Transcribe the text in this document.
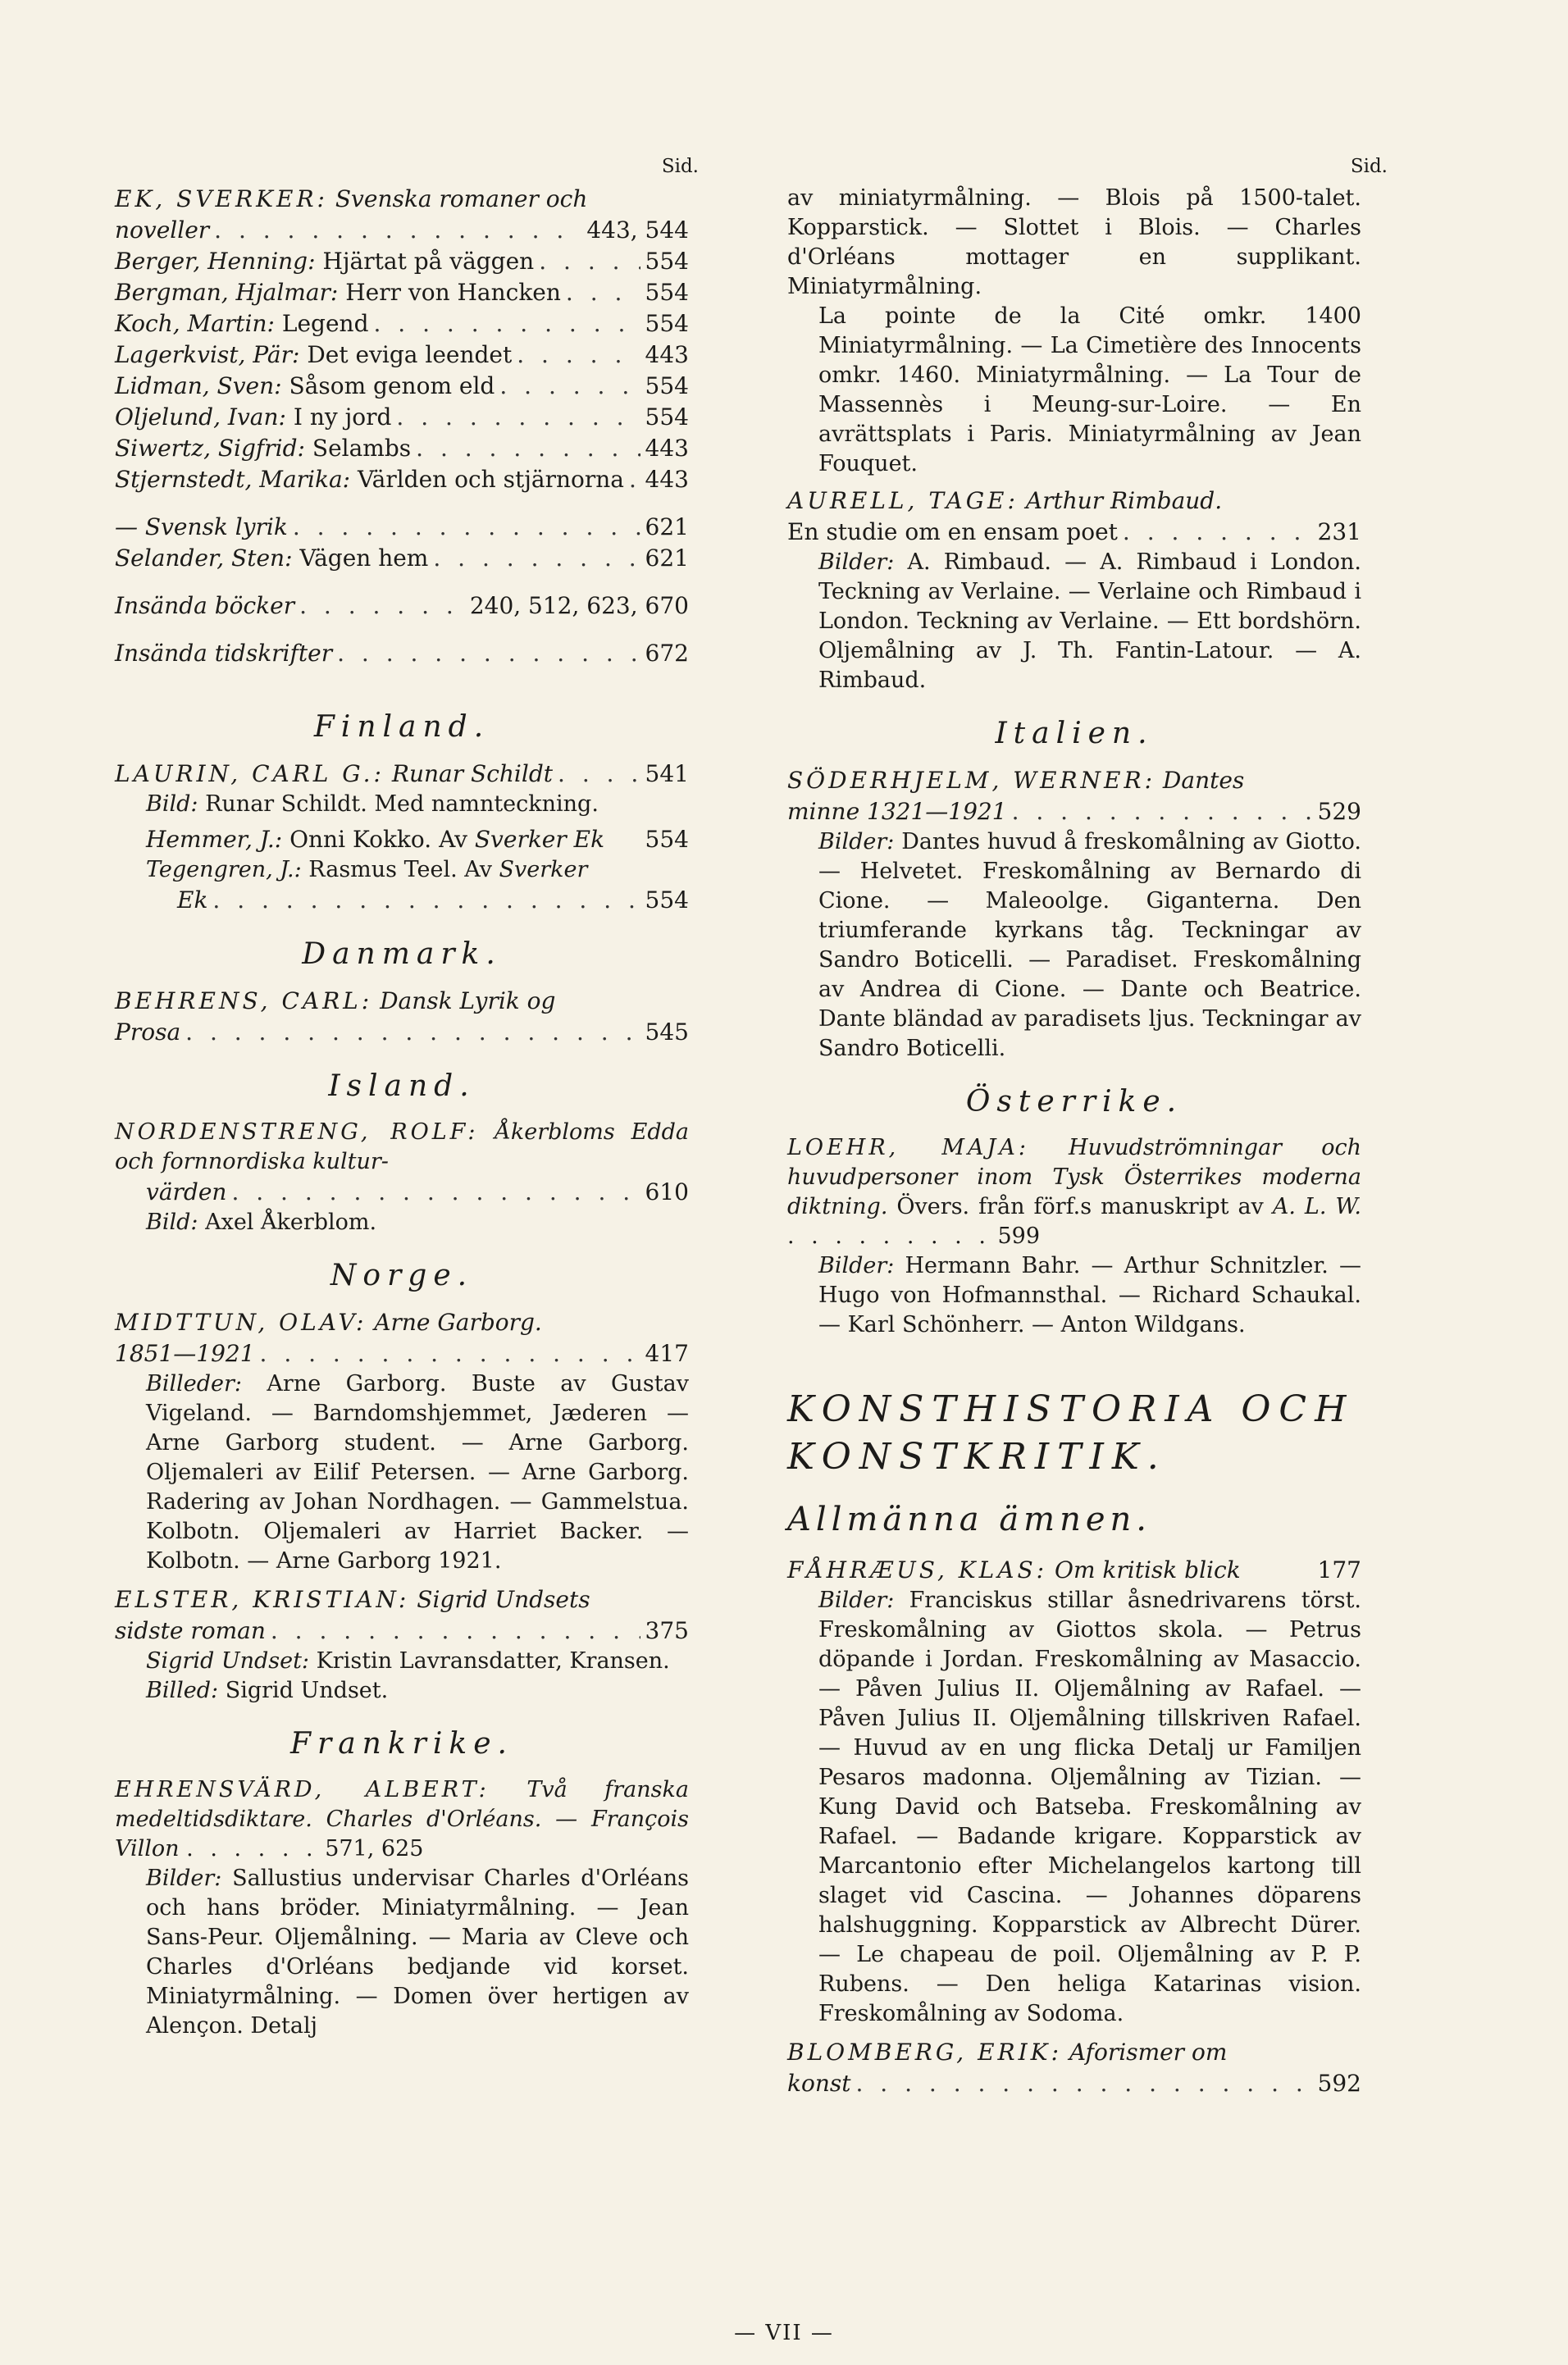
Sid.
EK, SVERKER: Svenska romaner och
noveller . . .	443, 544
Berger, Henning: Hjärtat på väggen . . .	554
Bergman, Hjalmar: Herr von Hancken . . .	554
Koch, Martin: Legend . . .	554
Lagerkvist, Pär: Det eviga leendet . . .	443
Lidman, Sven: Såsom genom eld . . .	554
Oljelund, Ivan: I ny jord . . .	554
Siwertz, Sigfrid: Selambs . . .	443
Stjernstedt, Marika: Världen och stjärnorna . . . 443
— Svensk lyrik . . .	621
Selander, Sten: Vägen hem . . .	621
Insända böcker . . .	240, 512, 623, 670
Insända tidskrifter . . .	672
Finland.
LAURIN, CARL G.: Runar Schildt . . .	541
Bild: Runar Schildt. Med namnteckning.
Hemmer, J.: Onni Kokko. Av Sverker Ek 554
Tegengren, J.: Rasmus Teel. Av Sverker
Ek . . .	554
Danmark.
BEHRENS, CARL: Dansk Lyrik og
Prosa . . .	545
Island.
NORDENSTRENG, ROLF: Åkerbloms Edda och fornnordiska kultur-
värden . . .	610
Bild: Axel Åkerblom.
Norge.
MIDTTUN, OLAV: Arne Garborg.
1851—1921 . . .	417
Billeder: Arne Garborg. Buste av Gustav Vigeland. — Barndomshjemmet, Jæderen — Arne Garborg student. — Arne Garborg. Oljemaleri av Eilif Petersen. — Arne Garborg. Radering av Johan Nordhagen. — Gammelstua. Kolbotn. Oljemaleri av Harriet Backer. — Kolbotn. — Arne Garborg 1921.
ELSTER, KRISTIAN: Sigrid Undsets
sidste roman . . .	375
Sigrid Undset: Kristin Lavransdatter, Kransen.
Billed: Sigrid Undset.
Frankrike.
EHRENSVÄRD, ALBERT: Två franska medeltidsdiktare. Charles d'Orléans. — François Villon . . . . . . 571, 625
Bilder: Sallustius undervisar Charles d'Orléans och hans bröder. Miniatyrmålning. — Jean Sans-Peur. Oljemålning. — Maria av Cleve och Charles d'Orléans bedjande vid korset. Miniatyrmålning. — Domen över hertigen av Alençon. Detalj
Sid.
av miniatyrmålning. — Blois på 1500-talet. Kopparstick. — Slottet i Blois. — Charles d'Orléans mottager en supplikant. Miniatyrmålning.
La pointe de la Cité omkr. 1400 Miniatyrmålning. — La Cimetière des Innocents omkr. 1460. Miniatyrmålning. — La Tour de Massennès i Meung-sur-Loire. — En avrättsplats i Paris. Miniatyrmålning av Jean Fouquet.
AURELL, TAGE: Arthur Rimbaud.
En studie om en ensam poet . . .	231
Bilder: A. Rimbaud. — A. Rimbaud i London. Teckning av Verlaine. — Verlaine och Rimbaud i London. Teckning av Verlaine. — Ett bordshörn. Oljemålning av J. Th. Fantin-Latour. — A. Rimbaud.
Italien.
SÖDERHJELM, WERNER: Dantes
minne 1321—1921 . . .	529
Bilder: Dantes huvud å freskomålning av Giotto. — Helvetet. Freskomålning av Bernardo di Cione. — Maleoolge. Giganterna. Den triumferande kyrkans tåg. Teckningar av Sandro Boticelli. — Paradiset. Freskomålning av Andrea di Cione. — Dante och Beatrice. Dante bländad av paradisets ljus. Teckningar av Sandro Boticelli.
Österrike.
LOEHR, MAJA: Huvudströmningar och huvudpersoner inom Tysk Österrikes moderna diktning. Övers. från förf.s manuskript av A. L. W. . . . . . . . . . 599
Bilder: Hermann Bahr. — Arthur Schnitzler. — Hugo von Hofmannsthal. — Richard Schaukal. — Karl Schönherr. — Anton Wildgans.
KONSTHISTORIA OCH
KONSTKRITIK.
Allmänna ämnen.
FÅHRÆUS, KLAS: Om kritisk blick	177
Bilder: Franciskus stillar åsnedrivarens törst. Freskomålning av Giottos skola. — Petrus döpande i Jordan. Freskomålning av Masaccio. — Påven Julius II. Oljemålning av Rafael. — Påven Julius II. Oljemålning tillskriven Rafael. — Huvud av en ung flicka Detalj ur Familjen Pesaros madonna. Oljemålning av Tizian. — Kung David och Batseba. Freskomålning av Rafael. — Badande krigare. Kopparstick av Marcantonio efter Michelangelos kartong till slaget vid Cascina. — Johannes döparens halshuggning. Kopparstick av Albrecht Dürer. — Le chapeau de poil. Oljemålning av P. P. Rubens. — Den heliga Katarinas vision. Freskomålning av Sodoma.
BLOMBERG, ERIK: Aforismer om
konst . . .	592
— VII —
